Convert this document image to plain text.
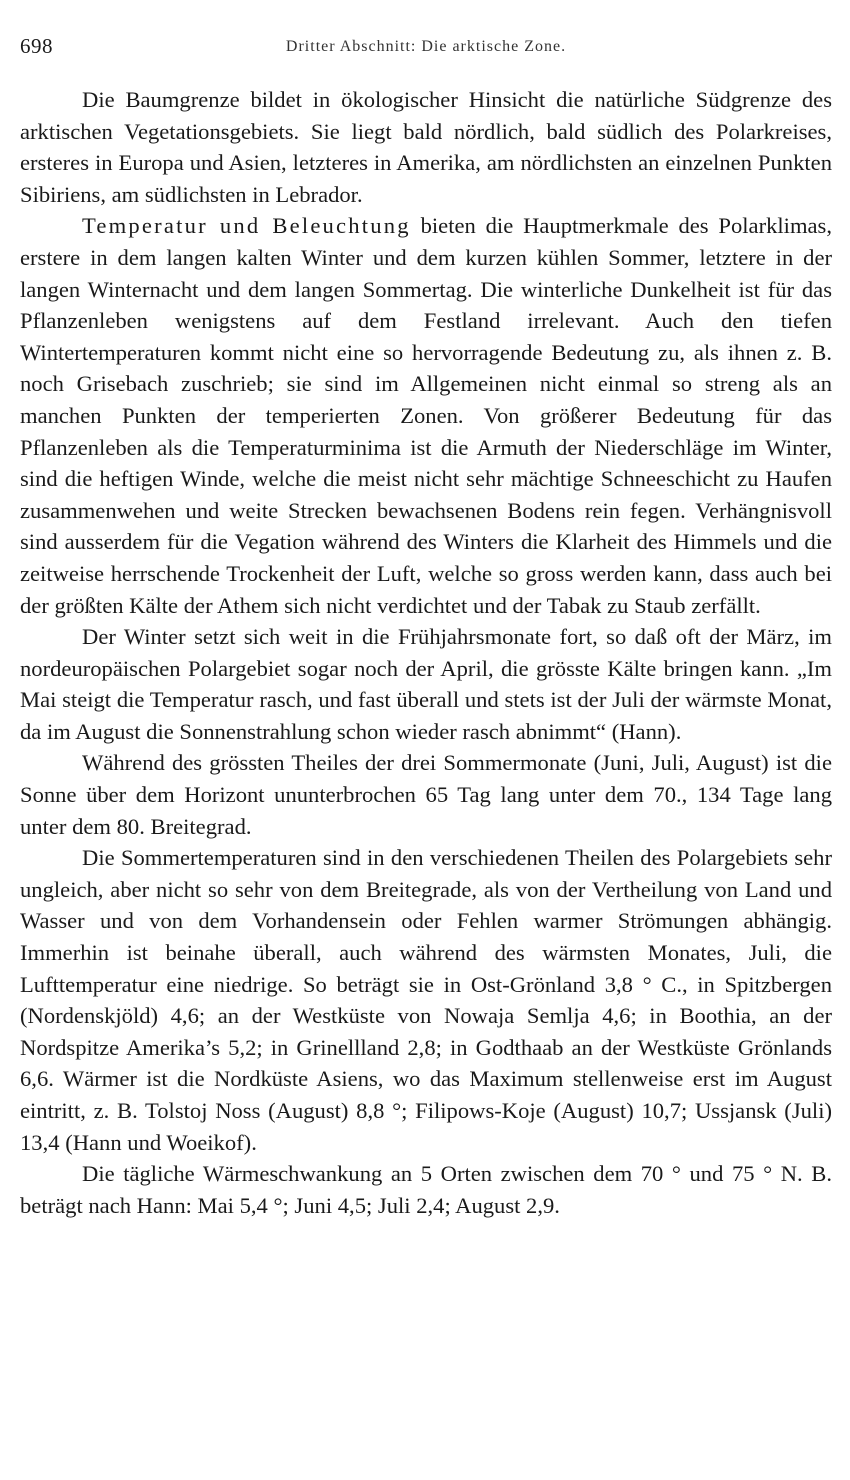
698	Dritter Abschnitt: Die arktische Zone.

Die Baumgrenze bildet in ökologischer Hinsicht die natürliche Südgrenze des arktischen Vegetationsgebiets. Sie liegt bald nördlich, bald südlich des Polarkreises, ersteres in Europa und Asien, letzteres in Amerika, am nördlichsten an einzelnen Punkten Sibiriens, am südlichsten in Lebrador.

Temperatur und Beleuchtung bieten die Hauptmerkmale des Polarklimas, erstere in dem langen kalten Winter und dem kurzen kühlen Sommer, letztere in der langen Winternacht und dem langen Sommertag. Die winterliche Dunkelheit ist für das Pflanzenleben wenigstens auf dem Festland irrelevant. Auch den tiefen Wintertemperaturen kommt nicht eine so hervorragende Bedeutung zu, als ihnen z. B. noch Grisebach zuschrieb; sie sind im Allgemeinen nicht einmal so streng als an manchen Punkten der temperierten Zonen. Von größerer Bedeutung für das Pflanzenleben als die Temperaturminima ist die Armuth der Niederschläge im Winter, sind die heftigen Winde, welche die meist nicht sehr mächtige Schneeschicht zu Haufen zusammenwehen und weite Strecken bewachsenen Bodens rein fegen. Verhängnisvoll sind ausserdem für die Vegation während des Winters die Klarheit des Himmels und die zeitweise herrschende Trockenheit der Luft, welche so gross werden kann, dass auch bei der größten Kälte der Athem sich nicht verdichtet und der Tabak zu Staub zerfällt.

Der Winter setzt sich weit in die Frühjahrsmonate fort, so daß oft der März, im nordeuropäischen Polargebiet sogar noch der April, die grösste Kälte bringen kann. „Im Mai steigt die Temperatur rasch, und fast überall und stets ist der Juli der wärmste Monat, da im August die Sonnenstrahlung schon wieder rasch abnimmt“ (Hann).

Während des grössten Theiles der drei Sommermonate (Juni, Juli, August) ist die Sonne über dem Horizont ununterbrochen 65 Tag lang unter dem 70., 134 Tage lang unter dem 80. Breitegrad.

Die Sommertemperaturen sind in den verschiedenen Theilen des Polargebiets sehr ungleich, aber nicht so sehr von dem Breitegrade, als von der Vertheilung von Land und Wasser und von dem Vorhandensein oder Fehlen warmer Strömungen abhängig. Immerhin ist beinahe überall, auch während des wärmsten Monates, Juli, die Lufttemperatur eine niedrige. So beträgt sie in Ost-Grönland 3,8 ° C., in Spitzbergen (Nordenskjöld) 4,6; an der Westküste von Nowaja Semlja 4,6; in Boothia, an der Nordspitze Amerika’s 5,2; in Grinellland 2,8; in Godthaab an der Westküste Grönlands 6,6. Wärmer ist die Nordküste Asiens, wo das Maximum stellenweise erst im August eintritt, z. B. Tolstoj Noss (August) 8,8 °; Filipows-Koje (August) 10,7; Ussjansk (Juli) 13,4 (Hann und Woeikof).

Die tägliche Wärmeschwankung an 5 Orten zwischen dem 70 ° und 75 ° N. B. beträgt nach Hann: Mai 5,4 °; Juni 4,5; Juli 2,4; August 2,9.
